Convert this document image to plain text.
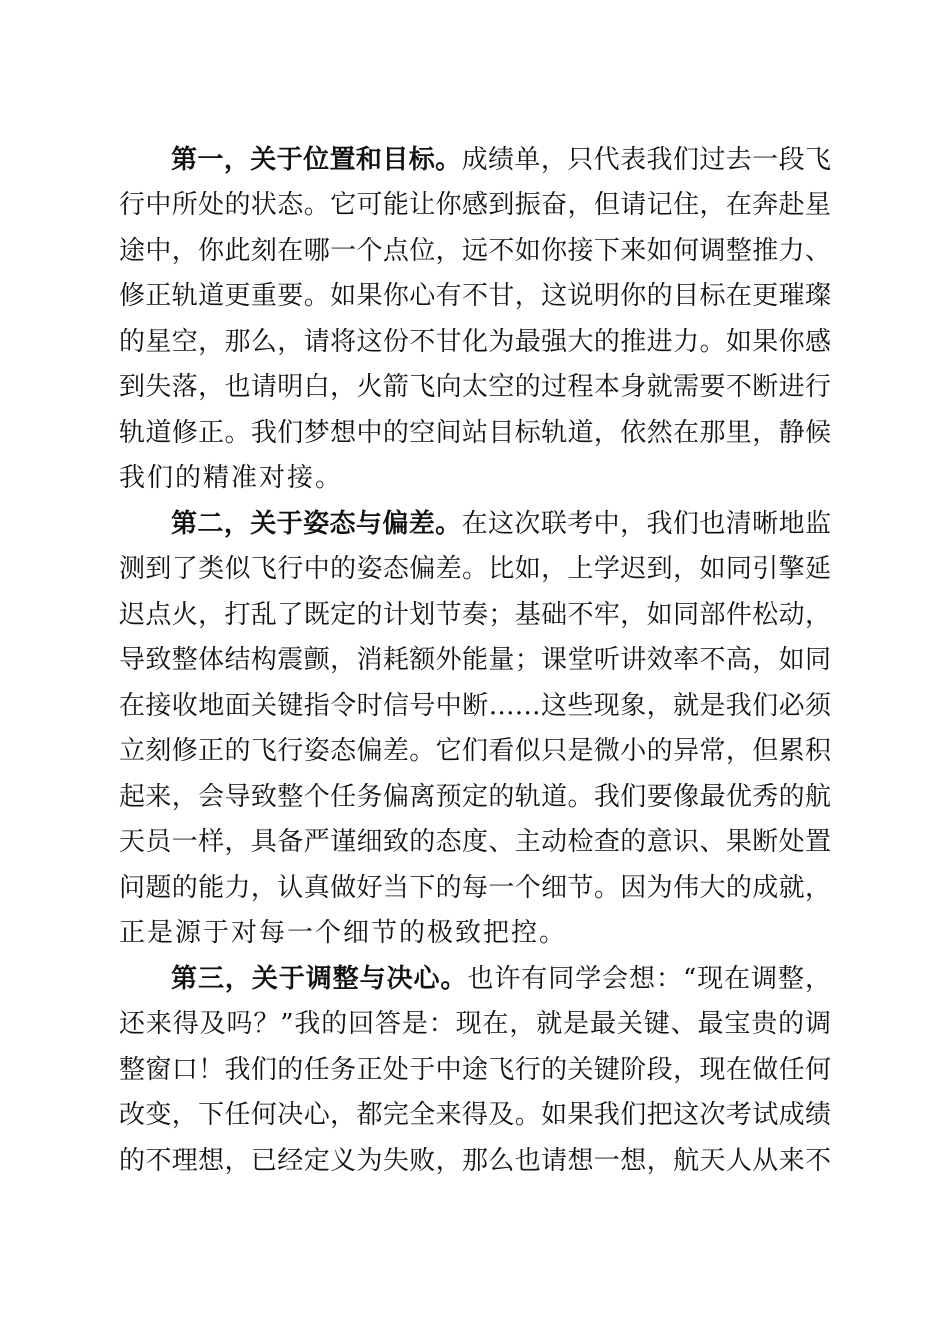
第一，关于位置和目标。成绩单，只代表我们过去一段飞
行中所处的状态。它可能让你感到振奋，但请记住，在奔赴星
途中，你此刻在哪一个点位，远不如你接下来如何调整推力、
修正轨道更重要。如果你心有不甘，这说明你的目标在更璀璨
的星空，那么，请将这份不甘化为最强大的推进力。如果你感
到失落，也请明白，火箭飞向太空的过程本身就需要不断进行
轨道修正。我们梦想中的空间站目标轨道，依然在那里，静候
我们的精准对接。
第二，关于姿态与偏差。在这次联考中，我们也清晰地监
测到了类似飞行中的姿态偏差。比如，上学迟到，如同引擎延
迟点火，打乱了既定的计划节奏；基础不牢，如同部件松动，
导致整体结构震颤，消耗额外能量；课堂听讲效率不高，如同
在接收地面关键指令时信号中断……这些现象，就是我们必须
立刻修正的飞行姿态偏差。它们看似只是微小的异常，但累积
起来，会导致整个任务偏离预定的轨道。我们要像最优秀的航
天员一样，具备严谨细致的态度、主动检查的意识、果断处置
问题的能力，认真做好当下的每一个细节。因为伟大的成就，
正是源于对每一个细节的极致把控。
第三，关于调整与决心。也许有同学会想：“现在调整，
还来得及吗？”我的回答是：现在，就是最关键、最宝贵的调
整窗口！我们的任务正处于中途飞行的关键阶段，现在做任何
改变，下任何决心，都完全来得及。如果我们把这次考试成绩
的不理想，已经定义为失败，那么也请想一想，航天人从来不
